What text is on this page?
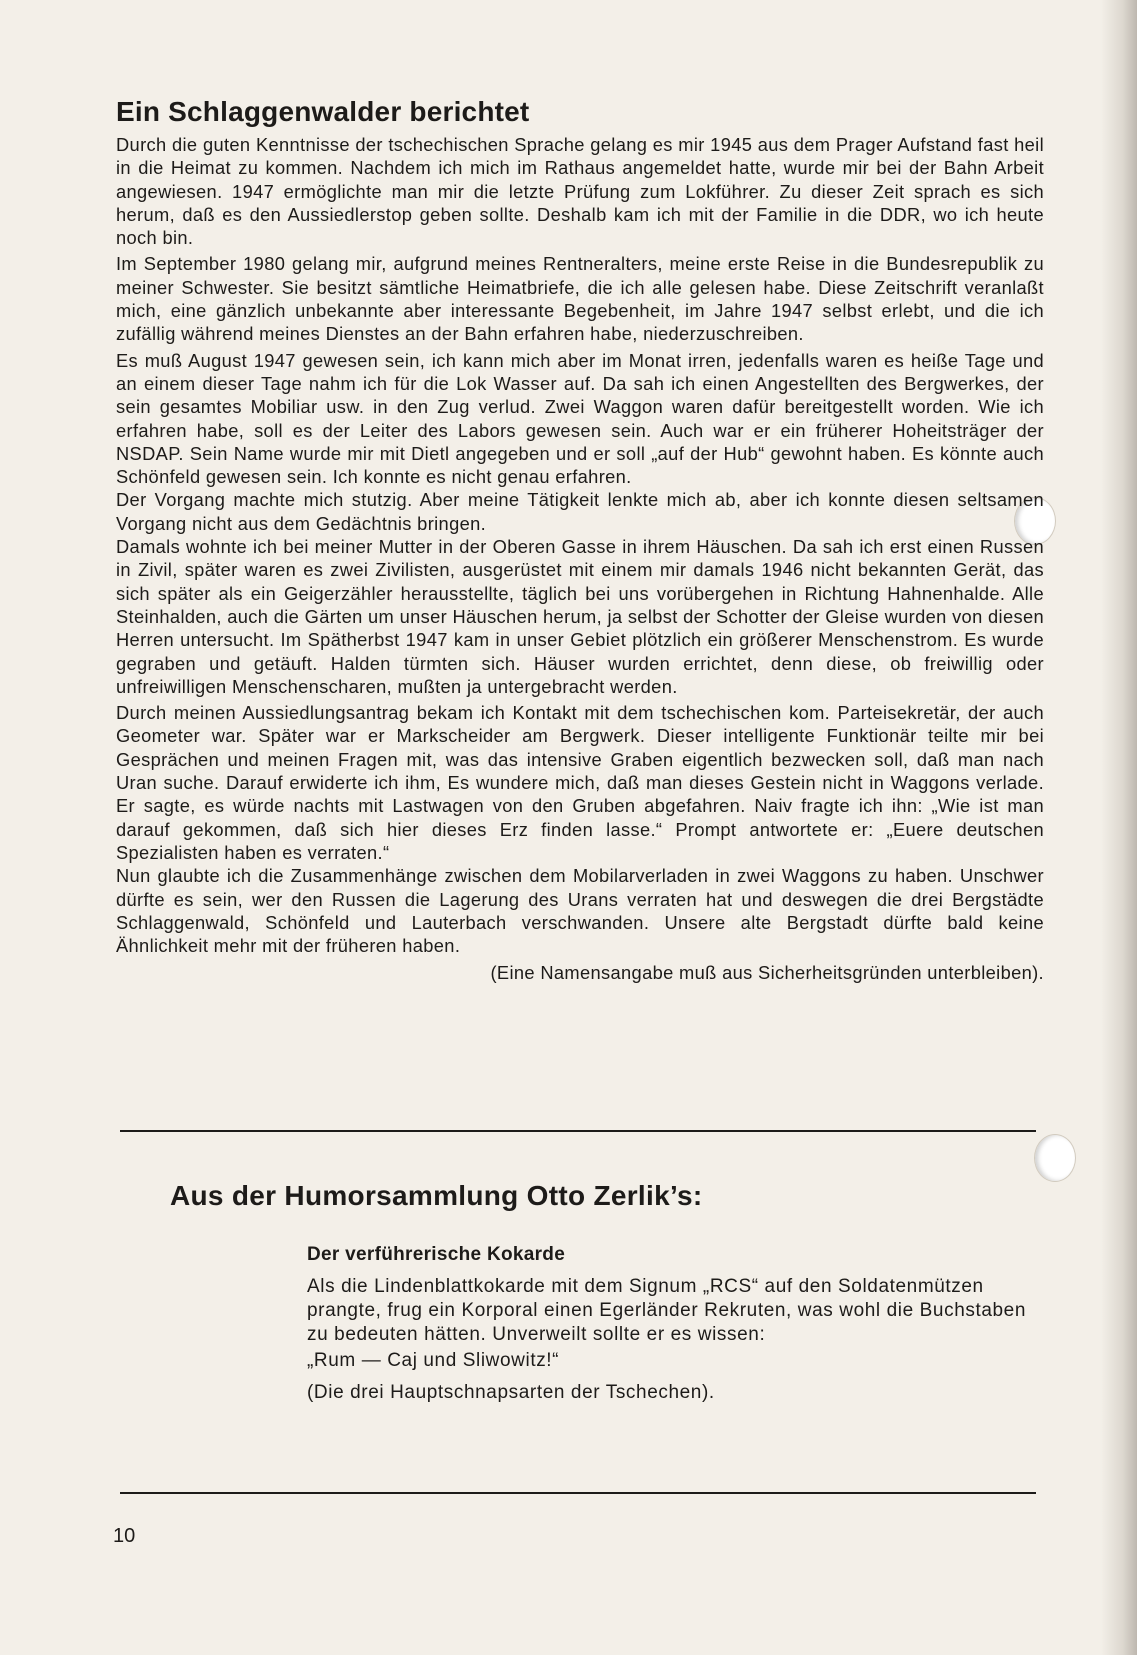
Ein Schlaggenwalder berichtet

Durch die guten Kenntnisse der tschechischen Sprache gelang es mir 1945 aus dem Prager Aufstand fast heil in die Heimat zu kommen. Nachdem ich mich im Rathaus angemeldet hatte, wurde mir bei der Bahn Arbeit angewiesen. 1947 ermöglichte man mir die letzte Prüfung zum Lokführer. Zu dieser Zeit sprach es sich herum, daß es den Aussiedlerstop geben sollte. Deshalb kam ich mit der Familie in die DDR, wo ich heute noch bin.

Im September 1980 gelang mir, aufgrund meines Rentneralters, meine erste Reise in die Bundesrepublik zu meiner Schwester. Sie besitzt sämtliche Heimatbriefe, die ich alle gelesen habe. Diese Zeitschrift veranlaßt mich, eine gänzlich unbekannte aber interessante Begebenheit, im Jahre 1947 selbst erlebt, und die ich zufällig während meines Dienstes an der Bahn erfahren habe, niederzuschreiben.

Es muß August 1947 gewesen sein, ich kann mich aber im Monat irren, jedenfalls waren es heiße Tage und an einem dieser Tage nahm ich für die Lok Wasser auf. Da sah ich einen Angestellten des Bergwerkes, der sein gesamtes Mobiliar usw. in den Zug verlud. Zwei Waggon waren dafür bereitgestellt worden. Wie ich erfahren habe, soll es der Leiter des Labors gewesen sein. Auch war er ein früherer Hoheitsträger der NSDAP. Sein Name wurde mir mit Dietl angegeben und er soll „auf der Hub“ gewohnt haben. Es könnte auch Schönfeld gewesen sein. Ich konnte es nicht genau erfahren.

Der Vorgang machte mich stutzig. Aber meine Tätigkeit lenkte mich ab, aber ich konnte diesen seltsamen Vorgang nicht aus dem Gedächtnis bringen.

Damals wohnte ich bei meiner Mutter in der Oberen Gasse in ihrem Häuschen. Da sah ich erst einen Russen in Zivil, später waren es zwei Zivilisten, ausgerüstet mit einem mir damals 1946 nicht bekannten Gerät, das sich später als ein Geigerzähler herausstellte, täglich bei uns vorübergehen in Richtung Hahnenhalde. Alle Steinhalden, auch die Gärten um unser Häuschen herum, ja selbst der Schotter der Gleise wurden von diesen Herren untersucht. Im Spätherbst 1947 kam in unser Gebiet plötzlich ein größerer Menschenstrom. Es wurde gegraben und getäuft. Halden türmten sich. Häuser wurden errichtet, denn diese, ob freiwillig oder unfreiwilligen Menschenscharen, mußten ja untergebracht werden.

Durch meinen Aussiedlungsantrag bekam ich Kontakt mit dem tschechischen kom. Parteisekretär, der auch Geometer war. Später war er Markscheider am Bergwerk. Dieser intelligente Funktionär teilte mir bei Gesprächen und meinen Fragen mit, was das intensive Graben eigentlich bezwecken soll, daß man nach Uran suche. Darauf erwiderte ich ihm, Es wundere mich, daß man dieses Gestein nicht in Waggons verlade. Er sagte, es würde nachts mit Lastwagen von den Gruben abgefahren. Naiv fragte ich ihn: „Wie ist man darauf gekommen, daß sich hier dieses Erz finden lasse.“ Prompt antwortete er: „Euere deutschen Spezialisten haben es verraten.“

Nun glaubte ich die Zusammenhänge zwischen dem Mobilarverladen in zwei Waggons zu haben. Unschwer dürfte es sein, wer den Russen die Lagerung des Urans verraten hat und deswegen die drei Bergstädte Schlaggenwald, Schönfeld und Lauterbach verschwanden. Unsere alte Bergstadt dürfte bald keine Ähnlichkeit mehr mit der früheren haben.

(Eine Namensangabe muß aus Sicherheitsgründen unterbleiben).

Aus der Humorsammlung Otto Zerlik’s:
Der verführerische Kokarde

Als die Lindenblattkokarde mit dem Signum „RCS“ auf den Soldatenmützen prangte, frug ein Korporal einen Egerländer Rekruten, was wohl die Buchstaben zu bedeuten hätten. Unverweilt sollte er es wissen:

„Rum — Caj und Sliwowitz!“

(Die drei Hauptschnapsarten der Tschechen).

10
